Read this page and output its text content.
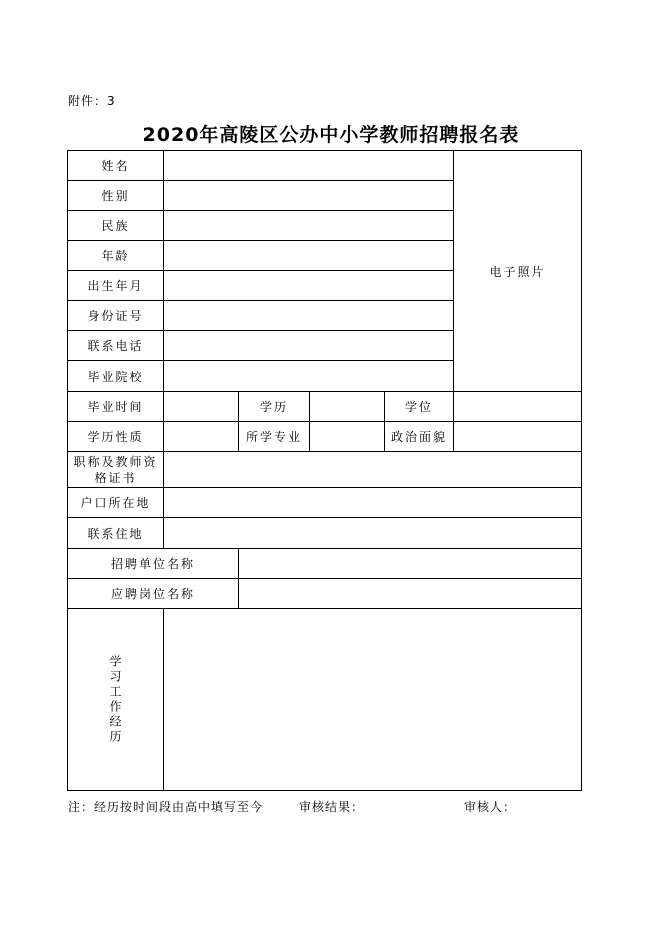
附件：3
2020年高陵区公办中小学教师招聘报名表
姓名					电子照片
性别					
民族					
年龄					
出生年月					
身份证号					
联系电话					
毕业院校					
毕业时间		学历		学位	
学历性质		所学专业		政治面貌	
职称及教师资格证书					
户口所在地					
联系住地					
招聘单位名称					
应聘岗位名称					

学习工作经历					

注：经历按时间段由高中填写至今	审核结果：	审核人：
